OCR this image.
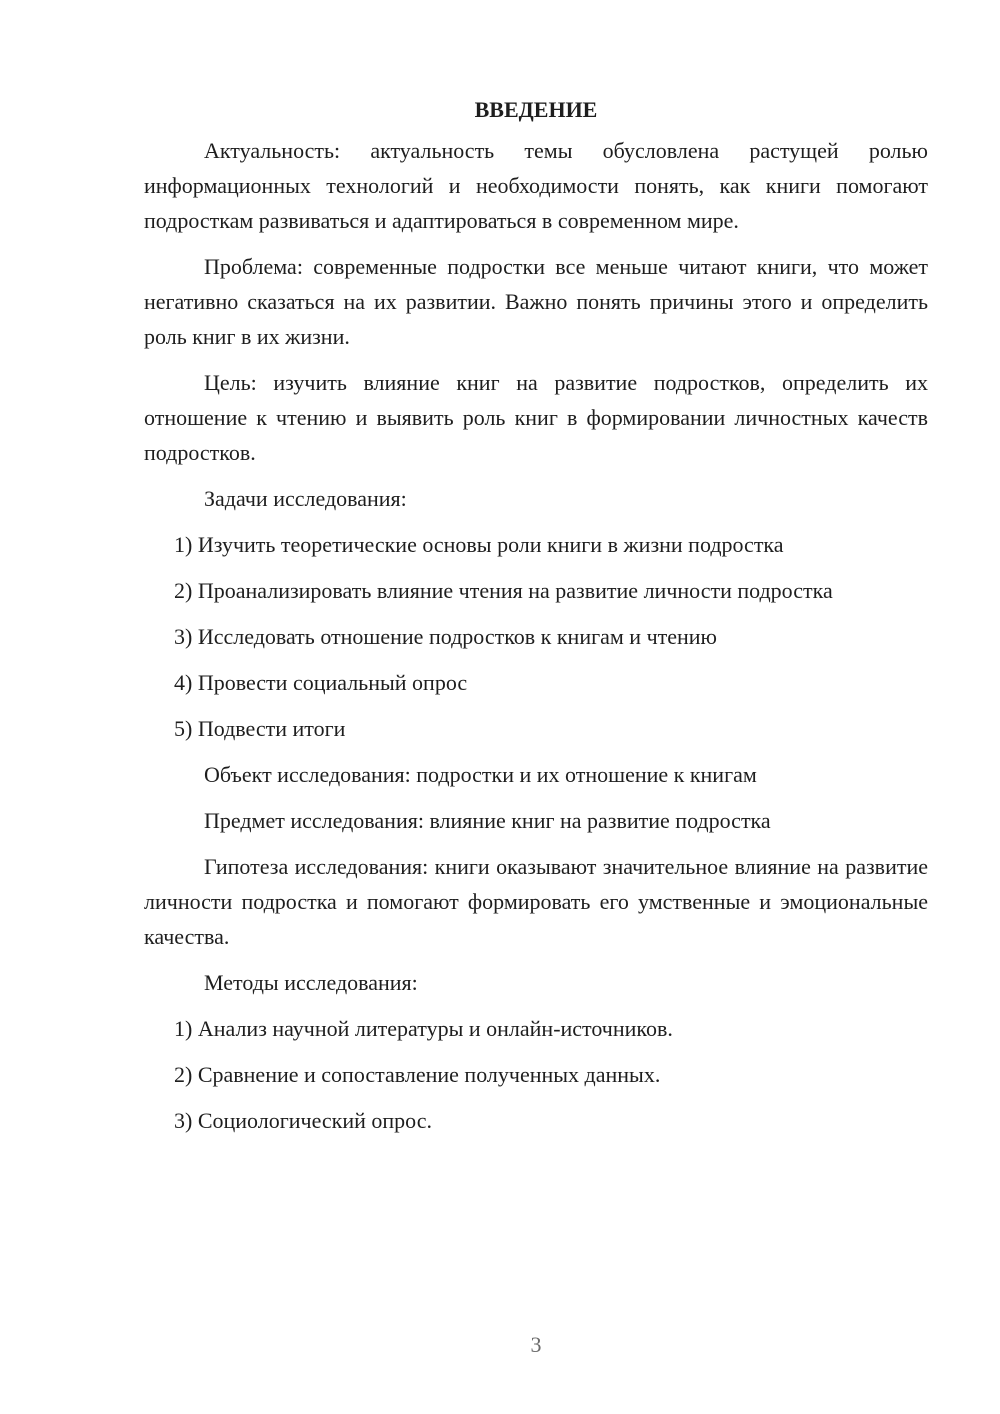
ВВЕДЕНИЕ

Актуальность: актуальность темы обусловлена растущей ролью информационных технологий и необходимости понять, как книги помогают подросткам развиваться и адаптироваться в современном мире.

Проблема: современные подростки все меньше читают книги, что может негативно сказаться на их развитии. Важно понять причины этого и определить роль книг в их жизни.

Цель: изучить влияние книг на развитие подростков, определить их отношение к чтению и выявить роль книг в формировании личностных качеств подростков.

Задачи исследования:

1) Изучить теоретические основы роли книги в жизни подростка
2) Проанализировать влияние чтения на развитие личности подростка
3) Исследовать отношение подростков к книгам и чтению
4) Провести социальный опрос
5) Подвести итоги

Объект исследования: подростки и их отношение к книгам

Предмет исследования: влияние книг на развитие подростка

Гипотеза исследования: книги оказывают значительное влияние на развитие личности подростка и помогают формировать его умственные и эмоциональные качества.

Методы исследования:

1) Анализ научной литературы и онлайн-источников.
2) Сравнение и сопоставление полученных данных.
3) Социологический опрос.
3
